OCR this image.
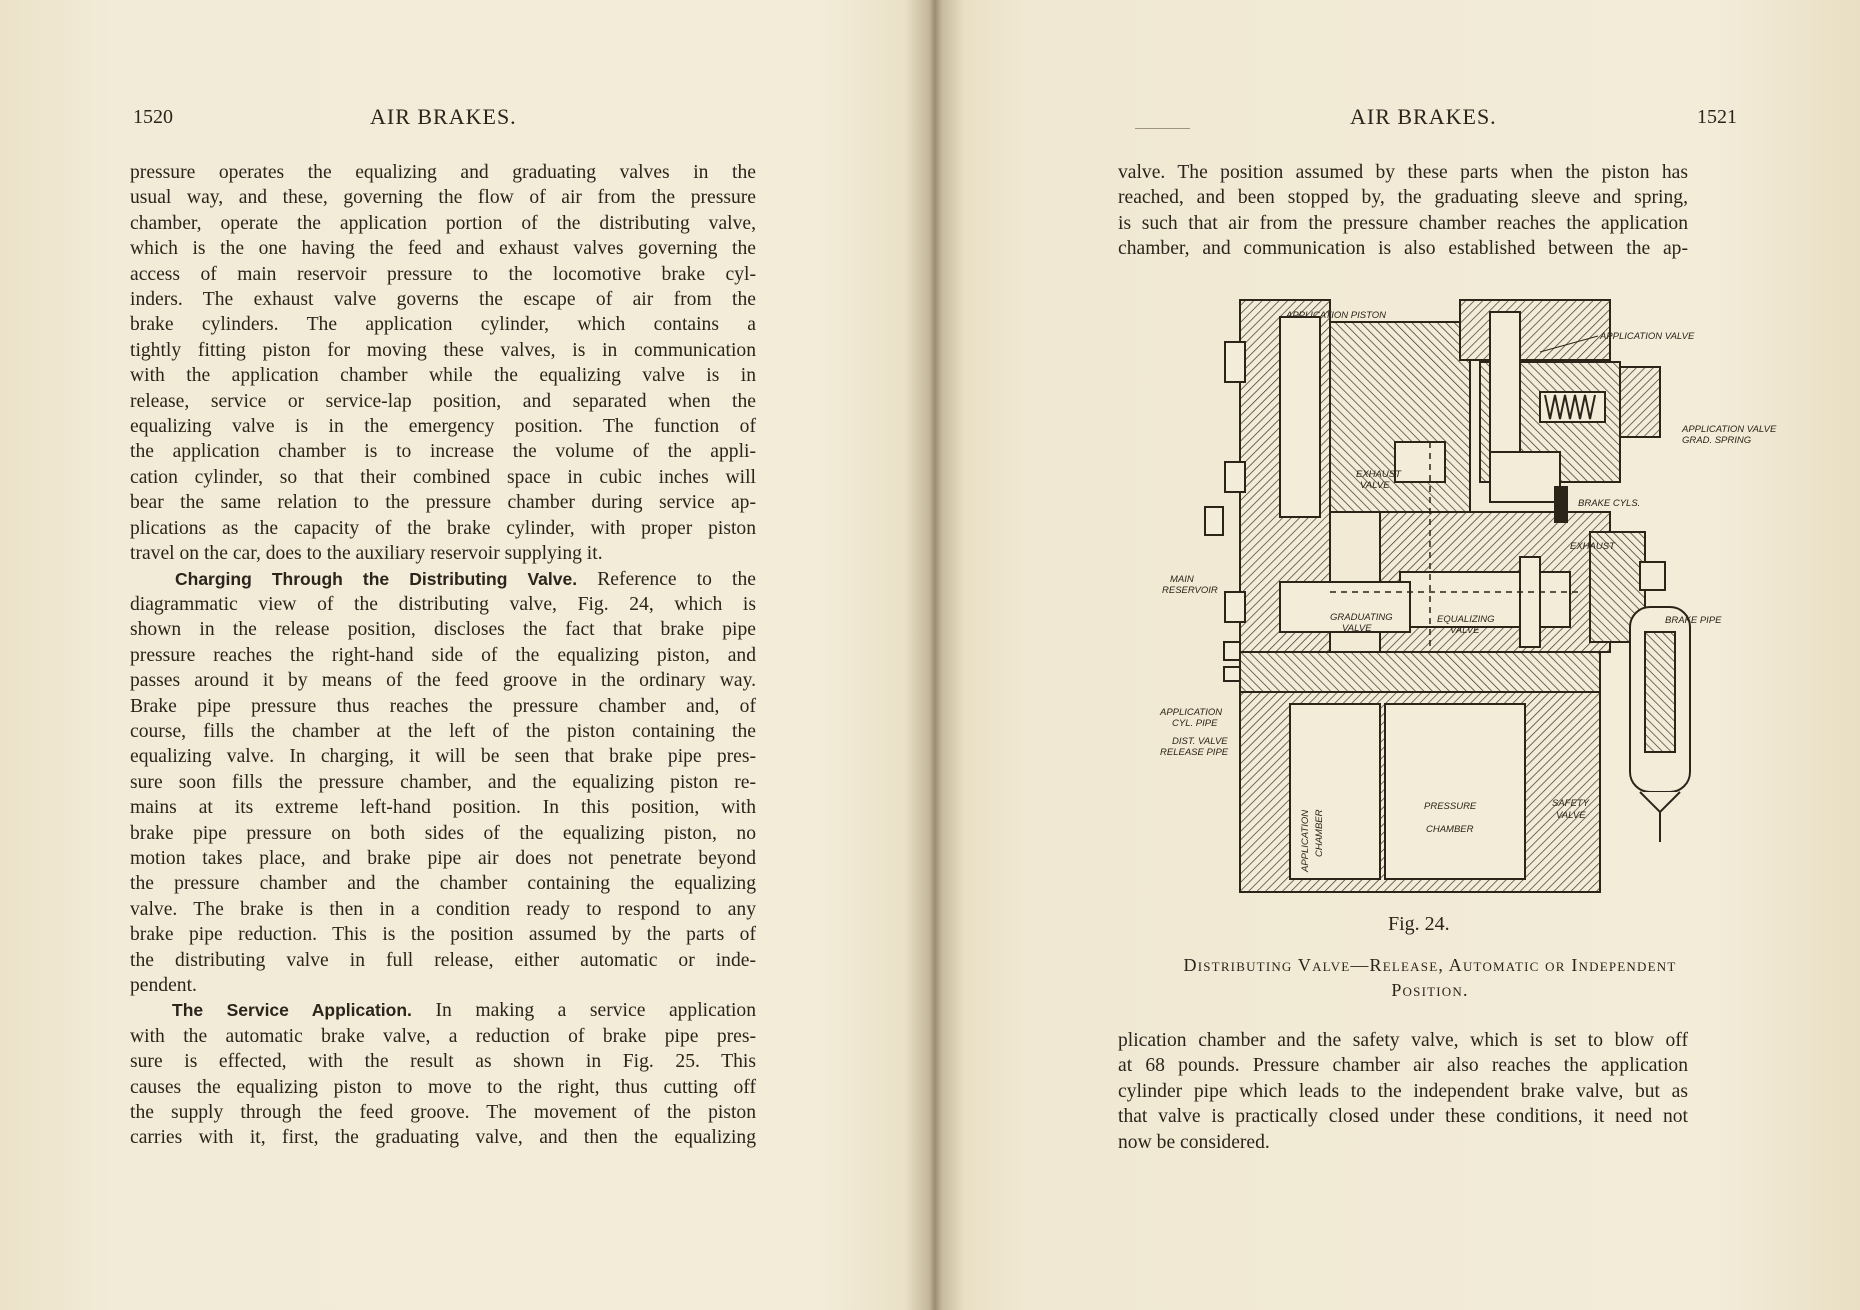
1520	AIR BRAKES.
pressure operates the equalizing and graduating valves in the
usual way, and these, governing the flow of air from the pressure
chamber, operate the application portion of the distributing valve,
which is the one having the feed and exhaust valves governing the
access of main reservoir pressure to the locomotive brake cyl-
inders. The exhaust valve governs the escape of air from the
brake cylinders. The application cylinder, which contains a
tightly fitting piston for moving these valves, is in communication
with the application chamber while the equalizing valve is in
release, service or service-lap position, and separated when the
equalizing valve is in the emergency position. The function of
the application chamber is to increase the volume of the appli-
cation cylinder, so that their combined space in cubic inches will
bear the same relation to the pressure chamber during service ap-
plications as the capacity of the brake cylinder, with proper piston
travel on the car, does to the auxiliary reservoir supplying it.
Charging Through the Distributing Valve. Reference to the
diagrammatic view of the distributing valve, Fig. 24, which is
shown in the release position, discloses the fact that brake pipe
pressure reaches the right-hand side of the equalizing piston, and
passes around it by means of the feed groove in the ordinary way.
Brake pipe pressure thus reaches the pressure chamber and, of
course, fills the chamber at the left of the piston containing the
equalizing valve. In charging, it will be seen that brake pipe pres-
sure soon fills the pressure chamber, and the equalizing piston re-
mains at its extreme left-hand position. In this position, with
brake pipe pressure on both sides of the equalizing piston, no
motion takes place, and brake pipe air does not penetrate beyond
the pressure chamber and the chamber containing the equalizing
valve. The brake is then in a condition ready to respond to any
brake pipe reduction. This is the position assumed by the parts of
the distributing valve in full release, either automatic or inde-
pendent.
The Service Application. In making a service application
with the automatic brake valve, a reduction of brake pipe pres-
sure is effected, with the result as shown in Fig. 25. This
causes the equalizing piston to move to the right, thus cutting off
the supply through the feed groove. The movement of the piston
carries with it, first, the graduating valve, and then the equalizing
AIR BRAKES.	1521
valve. The position assumed by these parts when the piston has
reached, and been stopped by, the graduating sleeve and spring,
is such that air from the pressure chamber reaches the application
chamber, and communication is also established between the ap-
plication chamber and the safety valve, which is set to blow off
at 68 pounds. Pressure chamber air also reaches the application
cylinder pipe which leads to the independent brake valve, but as
that valve is practically closed under these conditions, it need not
now be considered.
APPLICATION PISTON
APPLICATION VALVE
APPLICATION VALVE
GRAD. SPRING
EXHAUST
VALVE
BRAKE CYLS.
EXHAUST
MAIN
RESERVOIR
GRADUATING
VALVE
EQUALIZING
VALVE
BRAKE PIPE
APPLICATION
CYL. PIPE
DIST. VALVE
RELEASE PIPE
PRESSURE
CHAMBER
SAFETY
VALVE
APPLICATION CHAMBER
Fig. 24.
Distributing Valve—Release, Automatic or Independent
Position.
